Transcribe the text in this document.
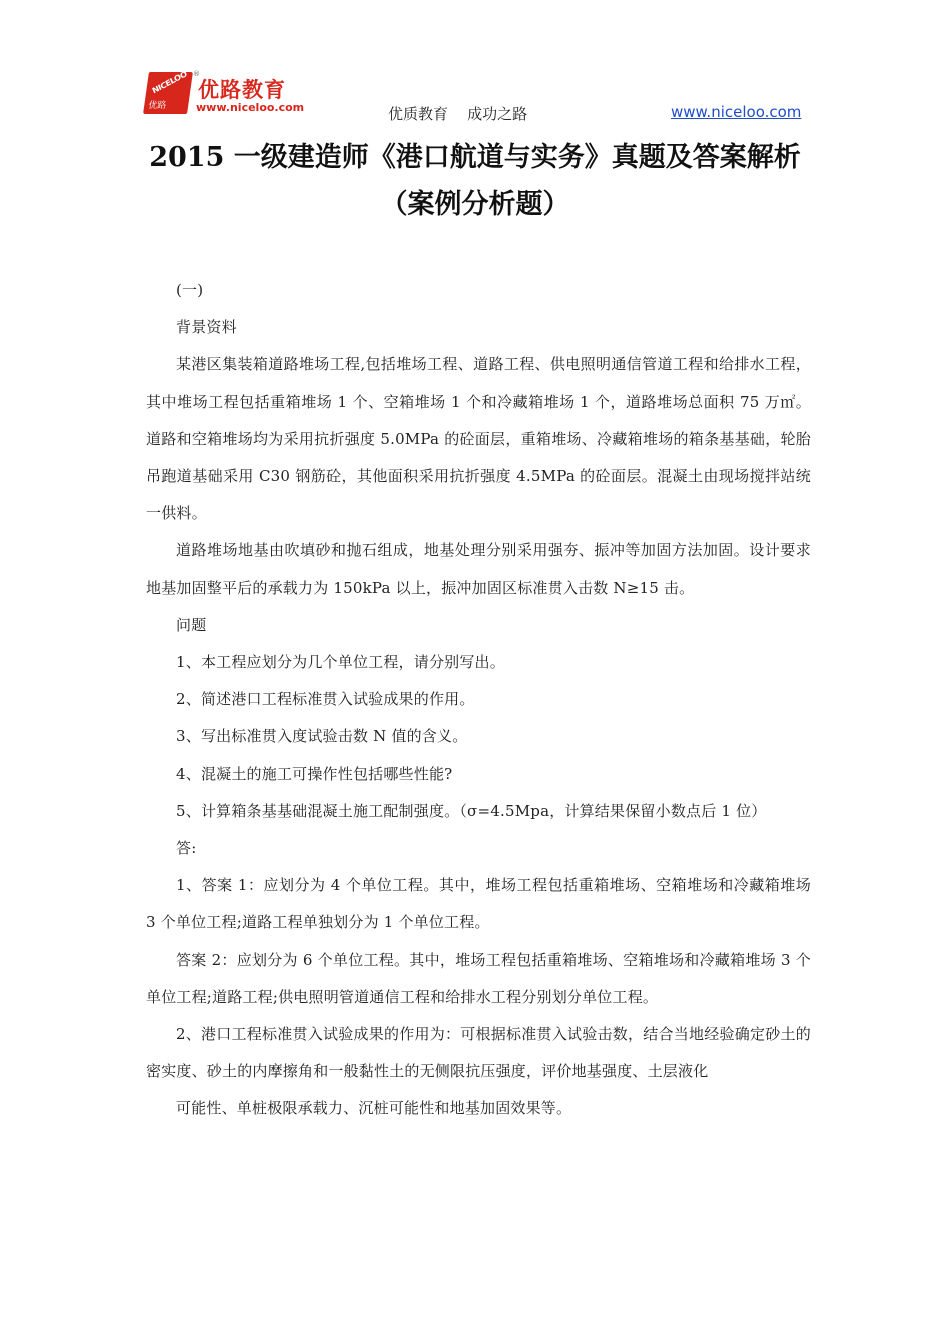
NICELOO
优路
®
优路教育
www.niceloo.com	优质教育    成功之路	www.niceloo.com
2015 一级建造师《港口航道与实务》真题及答案解析
（案例分析题）

(一)

背景资料

某港区集装箱道路堆场工程,包括堆场工程、道路工程、供电照明通信管道工程和给排水工程，其中堆场工程包括重箱堆场 1 个、空箱堆场 1 个和冷藏箱堆场 1 个，道路堆场总面积 75 万㎡。道路和空箱堆场均为采用抗折强度 5.0MPa 的砼面层，重箱堆场、冷藏箱堆场的箱条基基础，轮胎吊跑道基础采用 C30 钢筋砼，其他面积采用抗折强度 4.5MPa 的砼面层。混凝土由现场搅拌站统一供料。

道路堆场地基由吹填砂和抛石组成，地基处理分别采用强夯、振冲等加固方法加固。设计要求地基加固整平后的承载力为 150kPa 以上，振冲加固区标准贯入击数 N≥15 击。

问题

1、本工程应划分为几个单位工程，请分别写出。

2、简述港口工程标准贯入试验成果的作用。

3、写出标准贯入度试验击数 N 值的含义。

4、混凝土的施工可操作性包括哪些性能?

5、计算箱条基基础混凝土施工配制强度。（σ=4.5Mpa，计算结果保留小数点后 1 位）

答:

1、答案 1：应划分为 4 个单位工程。其中，堆场工程包括重箱堆场、空箱堆场和冷藏箱堆场 3 个单位工程;道路工程单独划分为 1 个单位工程。

答案 2：应划分为 6 个单位工程。其中，堆场工程包括重箱堆场、空箱堆场和冷藏箱堆场 3 个单位工程;道路工程;供电照明管道通信工程和给排水工程分别划分单位工程。

2、港口工程标准贯入试验成果的作用为：可根据标准贯入试验击数，结合当地经验确定砂土的密实度、砂土的内摩擦角和一般黏性土的无侧限抗压强度，评价地基强度、土层液化

可能性、单桩极限承载力、沉桩可能性和地基加固效果等。
